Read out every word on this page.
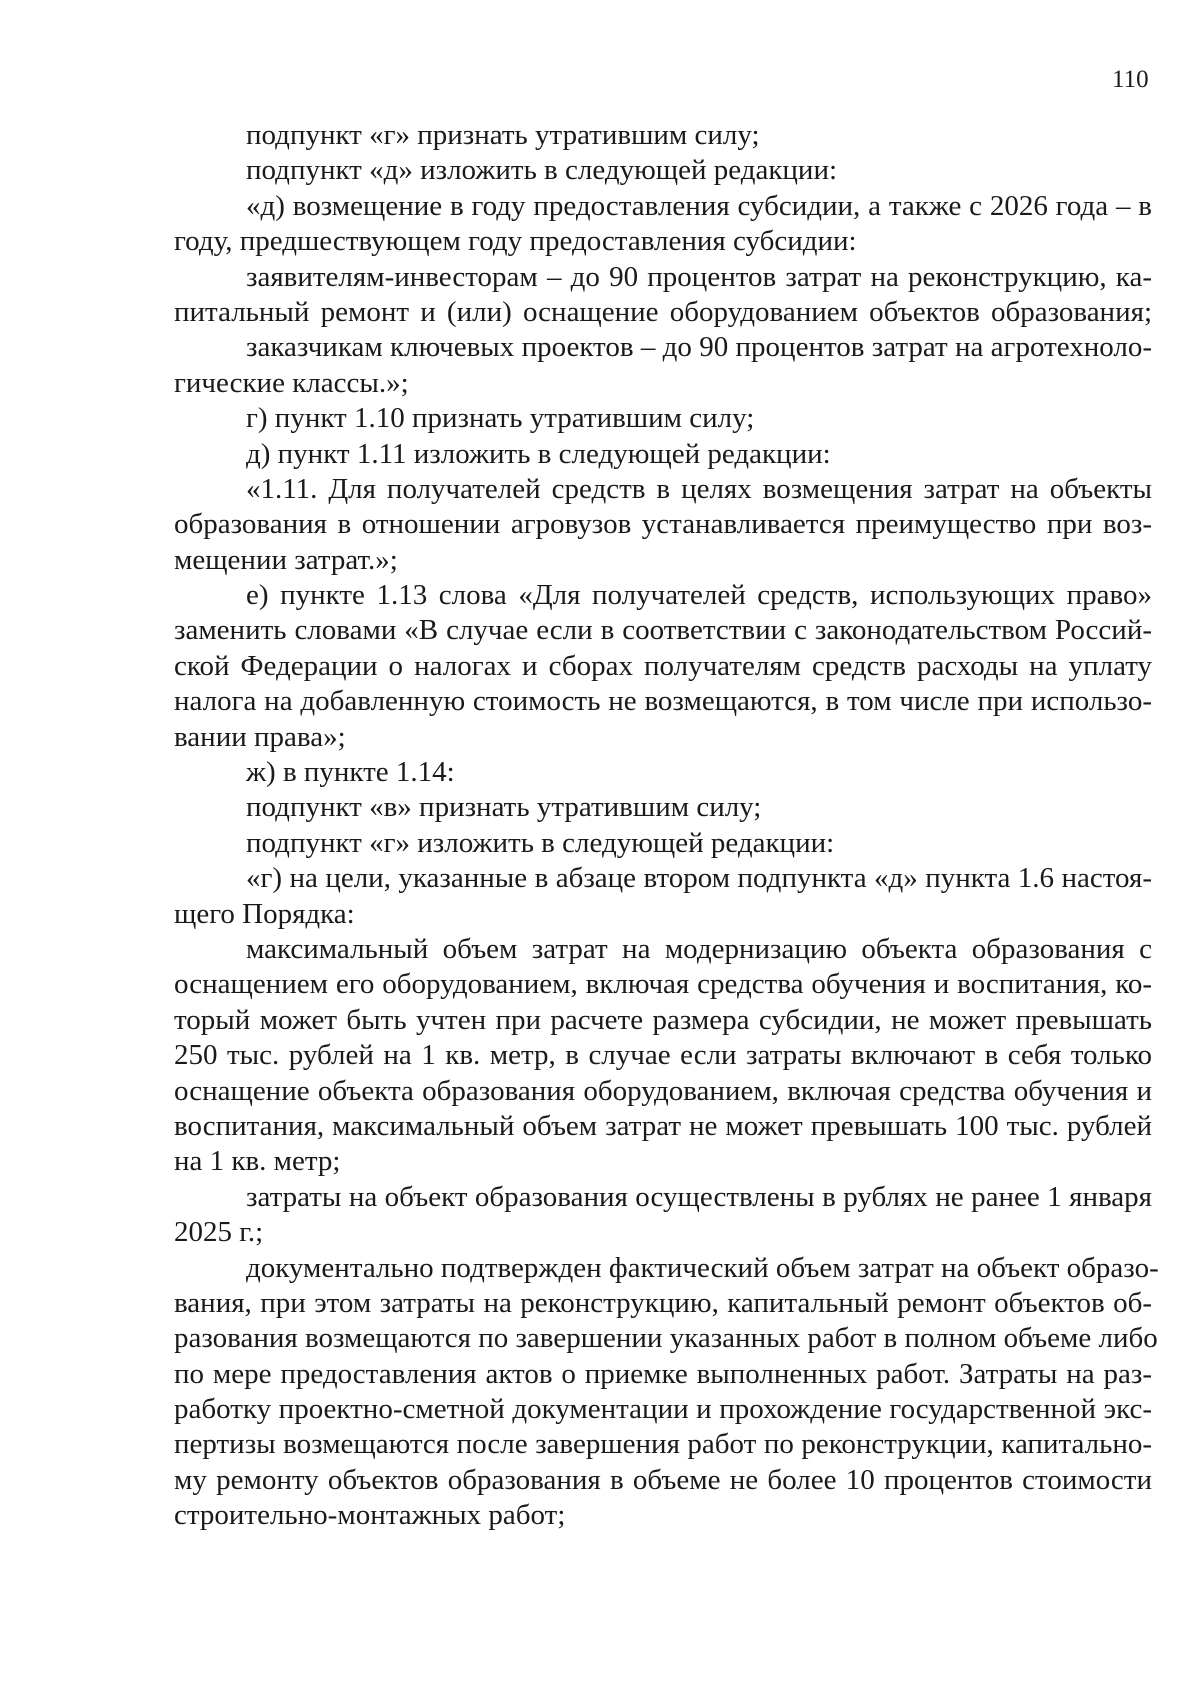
110
подпункт «г» признать утратившим силу;
подпункт «д» изложить в следующей редакции:
«д) возмещение в году предоставления субсидии, а также с 2026 года – в
году, предшествующем году предоставления субсидии:
заявителям-инвесторам – до 90 процентов затрат на реконструкцию, ка-
питальный ремонт и (или) оснащение оборудованием объектов образования;
заказчикам ключевых проектов – до 90 процентов затрат на агротехноло-
гические классы.»;
г) пункт 1.10 признать утратившим силу;
д) пункт 1.11 изложить в следующей редакции:
«1.11. Для получателей средств в целях возмещения затрат на объекты
образования в отношении агровузов устанавливается преимущество при воз-
мещении затрат.»;
е) пункте 1.13 слова «Для получателей средств, использующих право»
заменить словами «В случае если в соответствии с законодательством Россий-
ской Федерации о налогах и сборах получателям средств расходы на уплату
налога на добавленную стоимость не возмещаются, в том числе при использо-
вании права»;
ж) в пункте 1.14:
подпункт «в» признать утратившим силу;
подпункт «г» изложить в следующей редакции:
«г) на цели, указанные в абзаце втором подпункта «д» пункта 1.6 настоя-
щего Порядка:
максимальный объем затрат на модернизацию объекта образования с
оснащением его оборудованием, включая средства обучения и воспитания, ко-
торый может быть учтен при расчете размера субсидии, не может превышать
250 тыс. рублей на 1 кв. метр, в случае если затраты включают в себя только
оснащение объекта образования оборудованием, включая средства обучения и
воспитания, максимальный объем затрат не может превышать 100 тыс. рублей
на 1 кв. метр;
затраты на объект образования осуществлены в рублях не ранее 1 января
2025 г.;
документально подтвержден фактический объем затрат на объект образо-
вания, при этом затраты на реконструкцию, капитальный ремонт объектов об-
разования возмещаются по завершении указанных работ в полном объеме либо
по мере предоставления актов о приемке выполненных работ. Затраты на раз-
работку проектно-сметной документации и прохождение государственной экс-
пертизы возмещаются после завершения работ по реконструкции, капитально-
му ремонту объектов образования в объеме не более 10 процентов стоимости
строительно-монтажных работ;
